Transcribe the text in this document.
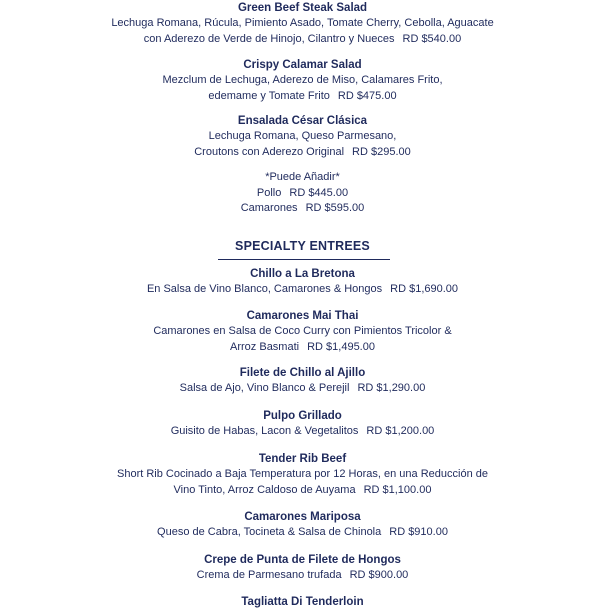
Green Beef Steak Salad
Lechuga Romana, Rúcula, Pimiento Asado, Tomate Cherry, Cebolla, Aguacate
con Aderezo de Verde de Hinojo, Cilantro y Nueces RD $540.00
Crispy Calamar Salad
Mezclum de Lechuga, Aderezo de Miso, Calamares Frito,
edemame y Tomate Frito RD $475.00
Ensalada César Clásica
Lechuga Romana, Queso Parmesano,
Croutons con Aderezo Original RD $295.00
*Puede Añadir*
Pollo RD $445.00
Camarones RD $595.00
SPECIALTY ENTREES
Chillo a La Bretona
En Salsa de Vino Blanco, Camarones & Hongos RD $1,690.00
Camarones Mai Thai
Camarones en Salsa de Coco Curry con Pimientos Tricolor &
Arroz Basmati RD $1,495.00
Filete de Chillo al Ajillo
Salsa de Ajo, Vino Blanco & Perejil RD $1,290.00
Pulpo Grillado
Guisito de Habas, Lacon & Vegetalitos RD $1,200.00
Tender Rib Beef
Short Rib Cocinado a Baja Temperatura por 12 Horas, en una Reducción de
Vino Tinto, Arroz Caldoso de Auyama RD $1,100.00
Camarones Mariposa
Queso de Cabra, Tocineta & Salsa de Chinola RD $910.00
Crepe de Punta de Filete de Hongos
Crema de Parmesano trufada RD $900.00
Tagliatta Di Tenderloin
